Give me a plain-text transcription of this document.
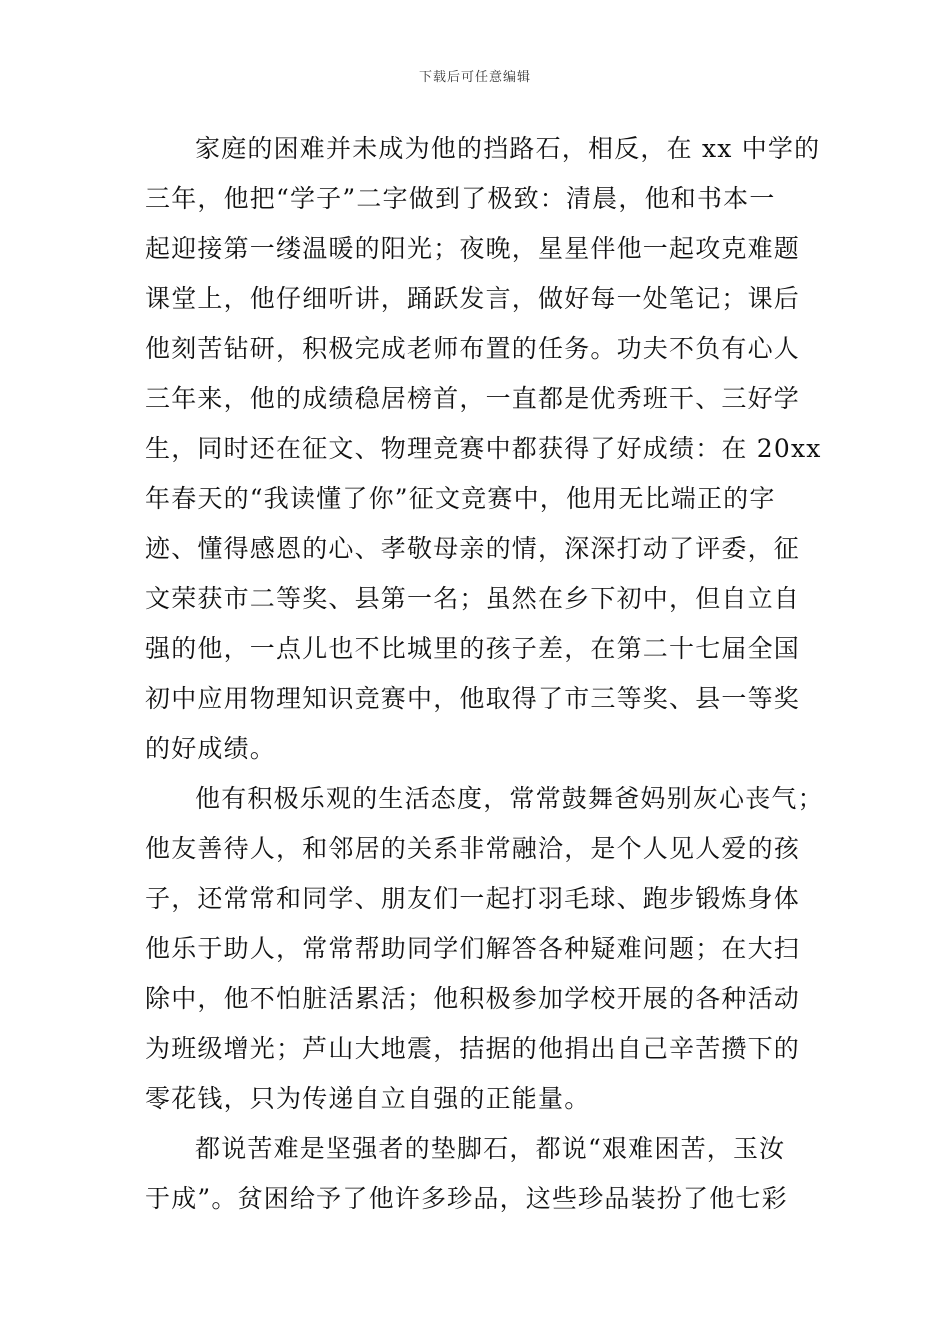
下载后可任意编辑
家庭的困难并未成为他的挡路石，相反，在 xx 中学的
三年，他把“学子”二字做到了极致：清晨，他和书本一
起迎接第一缕温暖的阳光；夜晚，星星伴他一起攻克难题
课堂上，他仔细听讲，踊跃发言，做好每一处笔记；课后
他刻苦钻研，积极完成老师布置的任务。功夫不负有心人
三年来，他的成绩稳居榜首，一直都是优秀班干、三好学
生，同时还在征文、物理竞赛中都获得了好成绩：在 20xx
年春天的“我读懂了你”征文竞赛中，他用无比端正的字
迹、懂得感恩的心、孝敬母亲的情，深深打动了评委，征
文荣获市二等奖、县第一名；虽然在乡下初中，但自立自
强的他，一点儿也不比城里的孩子差，在第二十七届全国
初中应用物理知识竞赛中，他取得了市三等奖、县一等奖
的好成绩。
他有积极乐观的生活态度，常常鼓舞爸妈别灰心丧气；
他友善待人，和邻居的关系非常融洽，是个人见人爱的孩
子，还常常和同学、朋友们一起打羽毛球、跑步锻炼身体
他乐于助人，常常帮助同学们解答各种疑难问题；在大扫
除中，他不怕脏活累活；他积极参加学校开展的各种活动
为班级增光；芦山大地震，拮据的他捐出自己辛苦攒下的
零花钱，只为传递自立自强的正能量。
都说苦难是坚强者的垫脚石，都说“艰难困苦，玉汝
于成”。贫困给予了他许多珍品，这些珍品装扮了他七彩
